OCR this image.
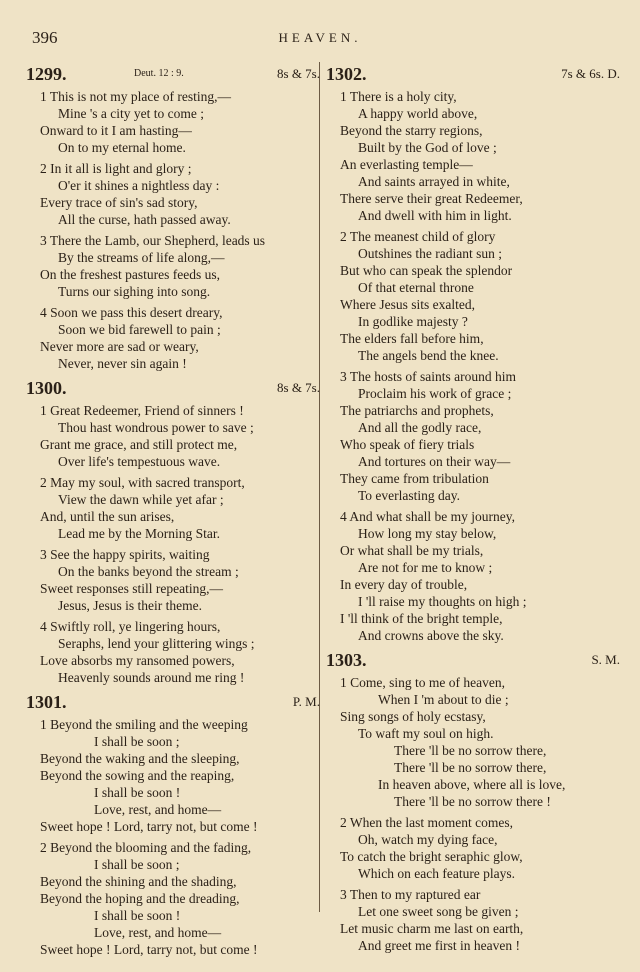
396	HEAVEN.
1299.	Deut. 12 : 9.	8s & 7s.
1 This is not my place of resting,—
Mine 's a city yet to come ;
Onward to it I am hasting—
On to my eternal home.
2 In it all is light and glory ;
O'er it shines a nightless day :
Every trace of sin's sad story,
All the curse, hath passed away.
3 There the Lamb, our Shepherd, leads us
By the streams of life along,—
On the freshest pastures feeds us,
Turns our sighing into song.
4 Soon we pass this desert dreary,
Soon we bid farewell to pain ;
Never more are sad or weary,
Never, never sin again !
1300.	8s & 7s.
1 Great Redeemer, Friend of sinners !
Thou hast wondrous power to save ;
Grant me grace, and still protect me,
Over life's tempestuous wave.
2 May my soul, with sacred transport,
View the dawn while yet afar ;
And, until the sun arises,
Lead me by the Morning Star.
3 See the happy spirits, waiting
On the banks beyond the stream ;
Sweet responses still repeating,—
Jesus, Jesus is their theme.
4 Swiftly roll, ye lingering hours,
Seraphs, lend your glittering wings ;
Love absorbs my ransomed powers,
Heavenly sounds around me ring !
1301.	P. M.
1 Beyond the smiling and the weeping
I shall be soon ;
Beyond the waking and the sleeping,
Beyond the sowing and the reaping,
I shall be soon !
Love, rest, and home—
Sweet hope ! Lord, tarry not, but come !
2 Beyond the blooming and the fading,
I shall be soon ;
Beyond the shining and the shading,
Beyond the hoping and the dreading,
I shall be soon !
Love, rest, and home—
Sweet hope ! Lord, tarry not, but come !
1302.	7s & 6s. D.
1 There is a holy city,
A happy world above,
Beyond the starry regions,
Built by the God of love ;
An everlasting temple—
And saints arrayed in white,
There serve their great Redeemer,
And dwell with him in light.
2 The meanest child of glory
Outshines the radiant sun ;
But who can speak the splendor
Of that eternal throne
Where Jesus sits exalted,
In godlike majesty ?
The elders fall before him,
The angels bend the knee.
3 The hosts of saints around him
Proclaim his work of grace ;
The patriarchs and prophets,
And all the godly race,
Who speak of fiery trials
And tortures on their way—
They came from tribulation
To everlasting day.
4 And what shall be my journey,
How long my stay below,
Or what shall be my trials,
Are not for me to know ;
In every day of trouble,
I 'll raise my thoughts on high ;
I 'll think of the bright temple,
And crowns above the sky.
1303.	S. M.
1 Come, sing to me of heaven,
When I 'm about to die ;
Sing songs of holy ecstasy,
To waft my soul on high.
There 'll be no sorrow there,
There 'll be no sorrow there,
In heaven above, where all is love,
There 'll be no sorrow there !
2 When the last moment comes,
Oh, watch my dying face,
To catch the bright seraphic glow,
Which on each feature plays.
3 Then to my raptured ear
Let one sweet song be given ;
Let music charm me last on earth,
And greet me first in heaven !
